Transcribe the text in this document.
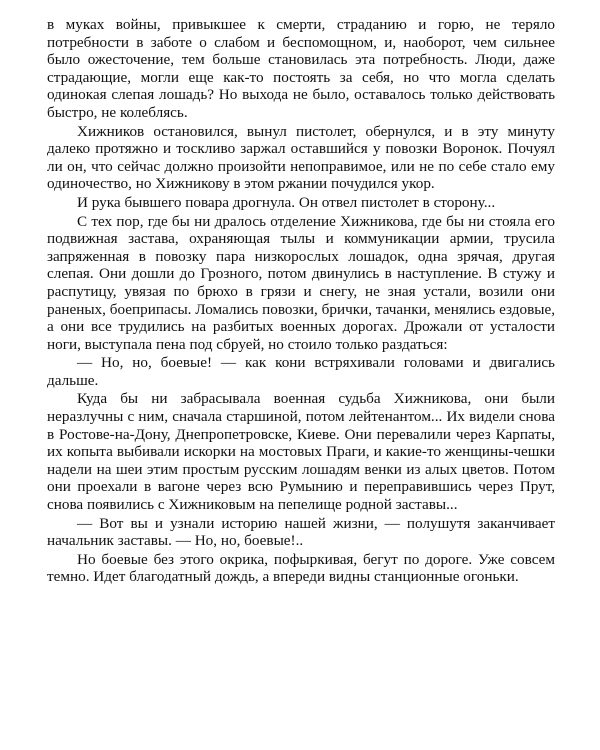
в муках войны, привыкшее к смерти, страданию и горю, не теряло потребности в заботе о слабом и беспомощном, и, наоборот, чем сильнее было ожесточение, тем больше становилась эта потребность. Люди, даже страдающие, могли еще как-то постоять за себя, но что могла сделать одинокая слепая лошадь? Но выхода не было, оставалось только действовать быстро, не колеблясь.

Хижников остановился, вынул пистолет, обернулся, и в эту минуту далеко протяжно и тоскливо заржал оставшийся у повозки Воронок. Почуял ли он, что сейчас должно произойти непоправимое, или не по себе стало ему одиночество, но Хижникову в этом ржании почудился укор.

И рука бывшего повара дрогнула. Он отвел пистолет в сторону...

С тех пор, где бы ни дралось отделение Хижникова, где бы ни стояла его подвижная застава, охраняющая тылы и коммуникации армии, трусила запряженная в повозку пара низкорослых лошадок, одна зрячая, другая слепая. Они дошли до Грозного, потом двинулись в наступление. В стужу и распутицу, увязая по брюхо в грязи и снегу, не зная устали, возили они раненых, боеприпасы. Ломались повозки, брички, тачанки, менялись ездовые, а они все трудились на разбитых военных дорогах. Дрожали от усталости ноги, выступала пена под сбруей, но стоило только раздаться:

— Но, но, боевые! — как кони встряхивали головами и двигались дальше.

Куда бы ни забрасывала военная судьба Хижникова, они были неразлучны с ним, сначала старшиной, потом лейтенантом... Их видели снова в Ростове-на-Дону, Днепропетровске, Киеве. Они перевалили через Карпаты, их копыта выбивали искорки на мостовых Праги, и какие-то женщины-чешки надели на шеи этим простым русским лошадям венки из алых цветов. Потом они проехали в вагоне через всю Румынию и переправившись через Прут, снова появились с Хижниковым на пепелище родной заставы...

— Вот вы и узнали историю нашей жизни, — полушутя заканчивает начальник заставы. — Но, но, боевые!..

Но боевые без этого окрика, пофыркивая, бегут по дороге. Уже совсем темно. Идет благодатный дождь, а впереди видны станционные огоньки.
